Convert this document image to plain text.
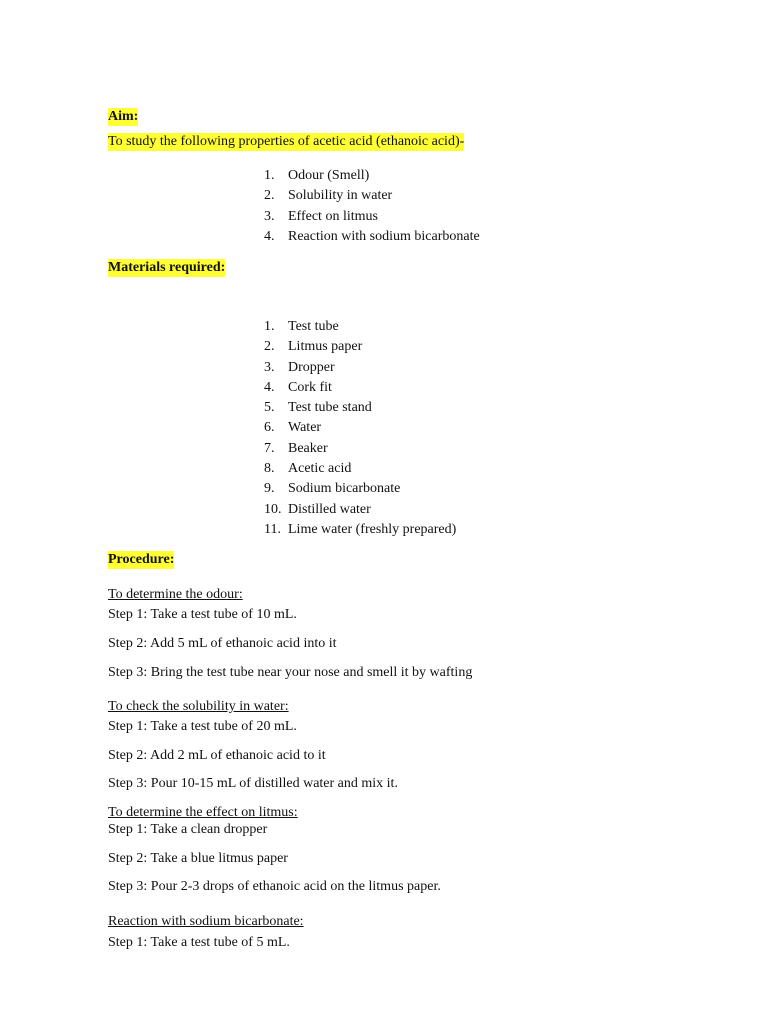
Aim:
To study the following properties of acetic acid (ethanoic acid)-
1. Odour (Smell)
2. Solubility in water
3. Effect on litmus
4. Reaction with sodium bicarbonate
Materials required:
1. Test tube
2. Litmus paper
3. Dropper
4. Cork fit
5. Test tube stand
6. Water
7. Beaker
8. Acetic acid
9. Sodium bicarbonate
10. Distilled water
11. Lime water (freshly prepared)
Procedure:
To determine the odour:
Step 1: Take a test tube of 10 mL.
Step 2: Add 5 mL of ethanoic acid into it
Step 3: Bring the test tube near your nose and smell it by wafting
To check the solubility in water:
Step 1: Take a test tube of 20 mL.
Step 2: Add 2 mL of ethanoic acid to it
Step 3: Pour 10-15 mL of distilled water and mix it.
To determine the effect on litmus:
Step 1: Take a clean dropper
Step 2: Take a blue litmus paper
Step 3: Pour 2-3 drops of ethanoic acid on the litmus paper.
Reaction with sodium bicarbonate:
Step 1: Take a test tube of 5 mL.
